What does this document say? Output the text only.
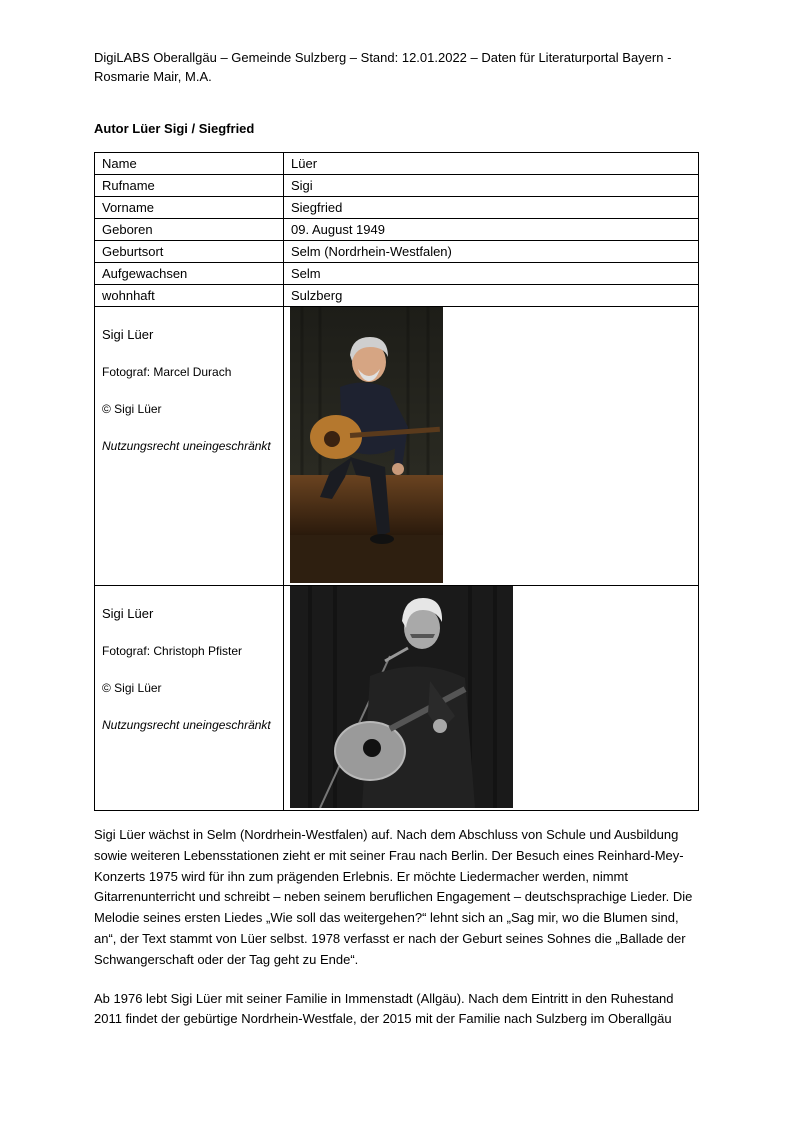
DigiLABS Oberallgäu – Gemeinde Sulzberg – Stand: 12.01.2022 – Daten für Literaturportal Bayern -
Rosmarie Mair, M.A.
Autor Lüer Sigi / Siegfried
Name	Lüer
Rufname	Sigi
Vorname	Siegfried
Geboren	09. August 1949
Geburtsort	Selm (Nordrhein-Westfalen)
Aufgewachsen	Selm
wohnhaft	Sulzberg

Sigi Lüer
Fotograf: Marcel Durach
© Sigi Lüer
Nutzungsrecht uneingeschränkt

Sigi Lüer
Fotograf: Christoph Pfister
© Sigi Lüer
Nutzungsrecht uneingeschränkt

Sigi Lüer wächst in Selm (Nordrhein-Westfalen) auf. Nach dem Abschluss von Schule und Ausbildung sowie weiteren Lebensstationen zieht er mit seiner Frau nach Berlin. Der Besuch eines Reinhard-Mey-Konzerts 1975 wird für ihn zum prägenden Erlebnis. Er möchte Liedermacher werden, nimmt Gitarrenunterricht und schreibt – neben seinem beruflichen Engagement – deutschsprachige Lieder. Die Melodie seines ersten Liedes „Wie soll das weitergehen?“ lehnt sich an „Sag mir, wo die Blumen sind, an“, der Text stammt von Lüer selbst. 1978 verfasst er nach der Geburt seines Sohnes die „Ballade der Schwangerschaft oder der Tag geht zu Ende“.

Ab 1976 lebt Sigi Lüer mit seiner Familie in Immenstadt (Allgäu). Nach dem Eintritt in den Ruhestand 2011 findet der gebürtige Nordrhein-Westfale, der 2015 mit der Familie nach Sulzberg im Oberallgäu
